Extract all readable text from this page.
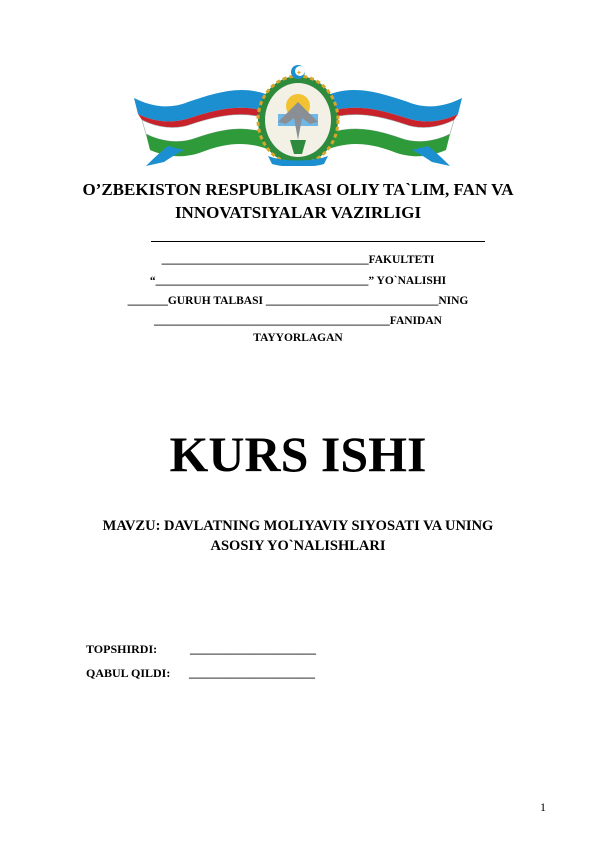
✦
O’ZBEKISTON RESPUBLIKASI OLIY TA`LIM, FAN VA
INNOVATSIYALAR VAZIRLIGI
____________________________________FAKULTETI
“_____________________________________” YO`NALISHI
_______GURUH TALBASI ______________________________NING
_________________________________________FANIDAN
TAYYORLAGAN
KURS ISHI
MAVZU: DAVLATNING MOLIYAVIY SIYOSATI VA UNING
ASOSIY YO`NALISHLARI
TOPSHIRDI:	_____________________
QABUL QILDI: _____________________
1
